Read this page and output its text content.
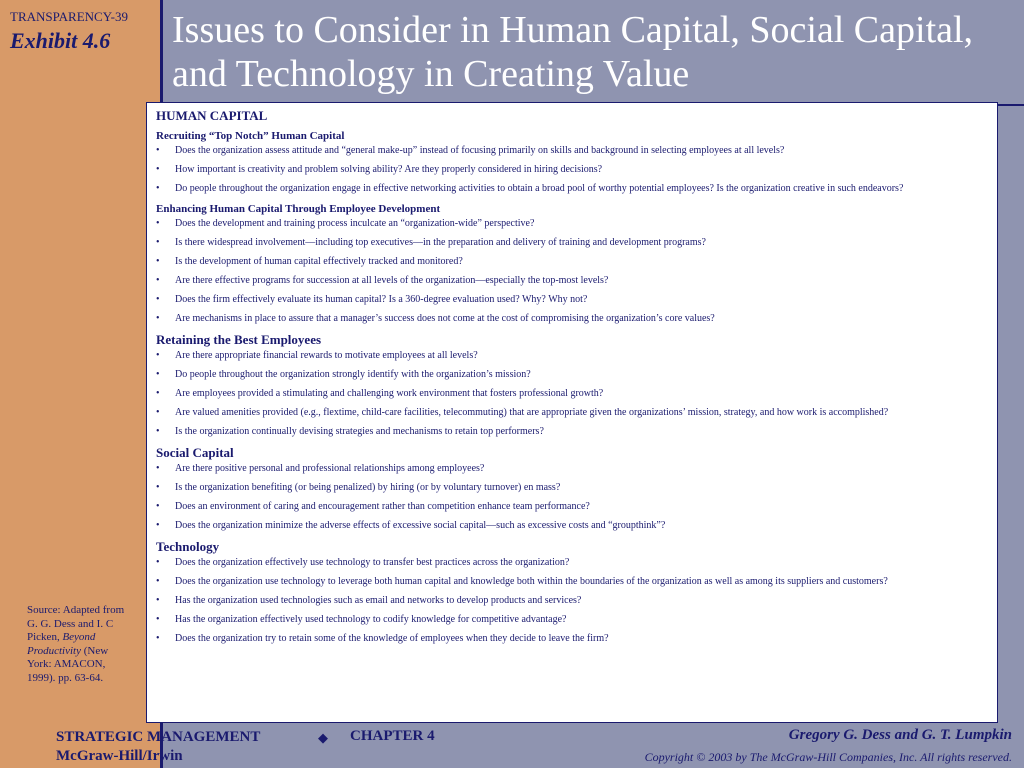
TRANSPARENCY-39
Exhibit 4.6 Issues to Consider in Human Capital, Social Capital, and Technology in Creating Value
Source: Adapted from G. G. Dess and I. C Picken, Beyond Productivity (New York: AMACON, 1999). pp. 63-64.
HUMAN CAPITAL
Recruiting “Top Notch” Human Capital
• Does the organization assess attitude and “general make-up” instead of focusing primarily on skills and background in selecting employees at all levels?
• How important is creativity and problem solving ability? Are they properly considered in hiring decisions?
• Do people throughout the organization engage in effective networking activities to obtain a broad pool of worthy potential employees? Is the organization creative in such endeavors?
Enhancing Human Capital Through Employee Development
• Does the development and training process inculcate an “organization-wide” perspective?
• Is there widespread involvement—including top executives—in the preparation and delivery of training and development programs?
• Is the development of human capital effectively tracked and monitored?
• Are there effective programs for succession at all levels of the organization—especially the top-most levels?
• Does the firm effectively evaluate its human capital? Is a 360-degree evaluation used? Why? Why not?
• Are mechanisms in place to assure that a manager’s success does not come at the cost of compromising the organization’s core values?
Retaining the Best Employees
• Are there appropriate financial rewards to motivate employees at all levels?
• Do people throughout the organization strongly identify with the organization’s mission?
• Are employees provided a stimulating and challenging work environment that fosters professional growth?
• Are valued amenities provided (e.g., flextime, child-care facilities, telecommuting) that are appropriate given the organizations’ mission, strategy, and how work is accomplished?
• Is the organization continually devising strategies and mechanisms to retain top performers?
Social Capital
• Are there positive personal and professional relationships among employees?
• Is the organization benefiting (or being penalized) by hiring (or by voluntary turnover) en mass?
• Does an environment of caring and encouragement rather than competition enhance team performance?
• Does the organization minimize the adverse effects of excessive social capital—such as excessive costs and “groupthink”?
Technology
• Does the organization effectively use technology to transfer best practices across the organization?
• Does the organization use technology to leverage both human capital and knowledge both within the boundaries of the organization as well as among its suppliers and customers?
• Has the organization used technologies such as email and networks to develop products and services?
• Has the organization effectively used technology to codify knowledge for competitive advantage?
• Does the organization try to retain some of the knowledge of employees when they decide to leave the firm?
STRATEGIC MANAGEMENT
McGraw-Hill/Irwin
◆ CHAPTER 4	Gregory G. Dess and G. T. Lumpkin
Copyright © 2003 by The McGraw-Hill Companies, Inc. All rights reserved.
